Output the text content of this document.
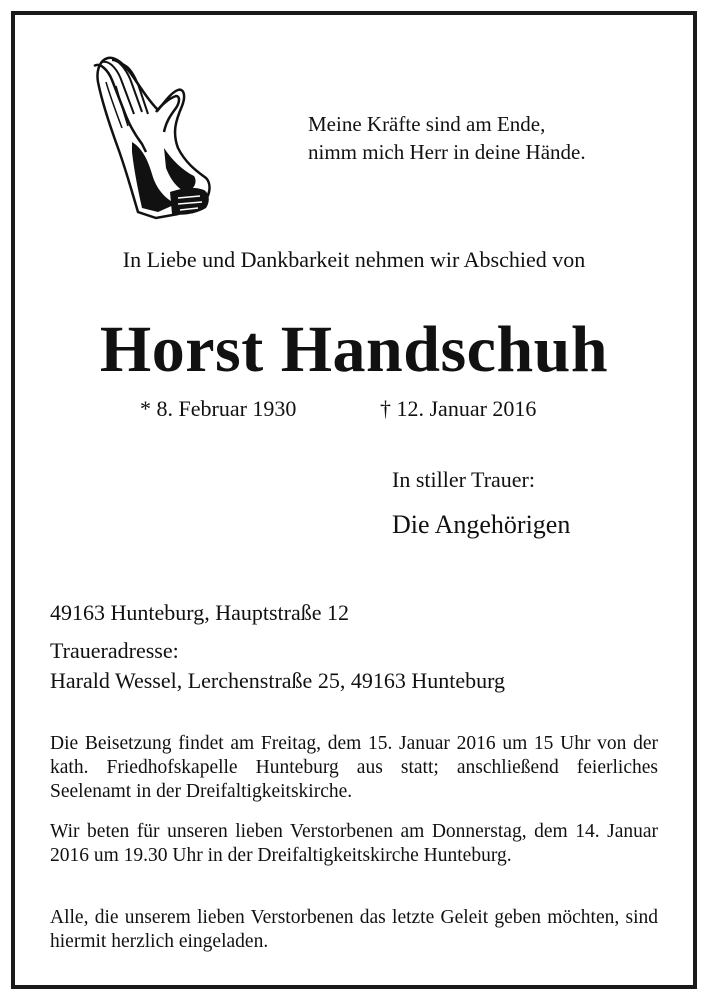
Meine Kräfte sind am Ende,
nimm mich Herr in deine Hände.
In Liebe und Dankbarkeit nehmen wir Abschied von
Horst Handschuh
* 8. Februar 1930	† 12. Januar 2016
In stiller Trauer:
Die Angehörigen
49163 Hunteburg, Hauptstraße 12
Traueradresse:
Harald Wessel, Lerchenstraße 25, 49163 Hunteburg
Die Beisetzung findet am Freitag, dem 15. Januar 2016 um 15 Uhr von der kath. Friedhofskapelle Hunteburg aus statt; anschließend feierliches Seelenamt in der Dreifaltigkeitskirche.
Wir beten für unseren lieben Verstorbenen am Donnerstag, dem 14. Januar 2016 um 19.30 Uhr in der Dreifaltigkeitskirche Hunteburg.
Alle, die unserem lieben Verstorbenen das letzte Geleit geben möchten, sind hiermit herzlich eingeladen.
